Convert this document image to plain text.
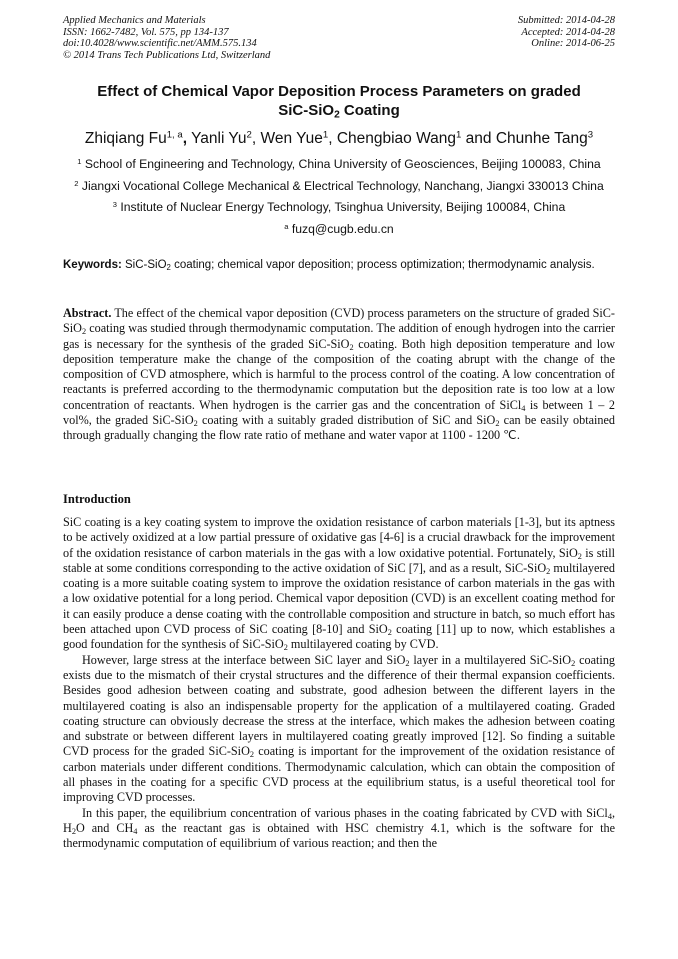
Applied Mechanics and Materials
ISSN: 1662-7482, Vol. 575, pp 134-137
doi:10.4028/www.scientific.net/AMM.575.134
© 2014 Trans Tech Publications Ltd, Switzerland
Submitted: 2014-04-28
Accepted: 2014-04-28
Online: 2014-06-25
Effect of Chemical Vapor Deposition Process Parameters on graded
SiC-SiO$_2$ Coating
Zhiqiang Fu$^{1, a}$, Yanli Yu$^2$, Wen Yue$^1$, Chengbiao Wang$^1$ and Chunhe Tang$^3$
$^1$ School of Engineering and Technology, China University of Geosciences, Beijing 100083, China
$^2$ Jiangxi Vocational College Mechanical & Electrical Technology, Nanchang, Jiangxi 330013 China
$^3$ Institute of Nuclear Energy Technology, Tsinghua University, Beijing 100084, China
$^a$ fuzq@cugb.edu.cn
Keywords: SiC-SiO$_2$ coating; chemical vapor deposition; process optimization; thermodynamic analysis.
Abstract. The effect of the chemical vapor deposition (CVD) process parameters on the structure of graded SiC-SiO$_2$ coating was studied through thermodynamic computation. The addition of enough hydrogen into the carrier gas is necessary for the synthesis of the graded SiC-SiO$_2$ coating. Both high deposition temperature and low deposition temperature make the change of the composition of the coating abrupt with the change of the composition of CVD atmosphere, which is harmful to the process control of the coating. A low concentration of reactants is preferred according to the thermodynamic computation but the deposition rate is too low at a low concentration of reactants. When hydrogen is the carrier gas and the concentration of SiCl$_4$ is between 1 – 2 vol%, the graded SiC-SiO$_2$ coating with a suitably graded distribution of SiC and SiO$_2$ can be easily obtained through gradually changing the flow rate ratio of methane and water vapor at 1100 - 1200 ℃.
Introduction

SiC coating is a key coating system to improve the oxidation resistance of carbon materials [1-3], but its aptness to be actively oxidized at a low partial pressure of oxidative gas [4-6] is a crucial drawback for the improvement of the oxidation resistance of carbon materials in the gas with a low oxidative potential. Fortunately, SiO$_2$ is still stable at some conditions corresponding to the active oxidation of SiC [7], and as a result, SiC-SiO$_2$ multilayered coating is a more suitable coating system to improve the oxidation resistance of carbon materials in the gas with a low oxidative potential for a long period. Chemical vapor deposition (CVD) is an excellent coating method for it can easily produce a dense coating with the controllable composition and structure in batch, so much effort has been attached upon CVD process of SiC coating [8-10] and SiO$_2$ coating [11] up to now, which establishes a good foundation for the synthesis of SiC-SiO$_2$ multilayered coating by CVD.

However, large stress at the interface between SiC layer and SiO$_2$ layer in a multilayered SiC-SiO$_2$ coating exists due to the mismatch of their crystal structures and the difference of their thermal expansion coefficients. Besides good adhesion between coating and substrate, good adhesion between the different layers in the multilayered coating is also an indispensable property for the application of a multilayered coating. Graded coating structure can obviously decrease the stress at the interface, which makes the adhesion between coating and substrate or between different layers in multilayered coating greatly improved [12]. So finding a suitable CVD process for the graded SiC-SiO$_2$ coating is important for the improvement of the oxidation resistance of carbon materials under different conditions. Thermodynamic calculation, which can obtain the composition of all phases in the coating for a specific CVD process at the equilibrium status, is a useful theoretical tool for improving CVD processes.

In this paper, the equilibrium concentration of various phases in the coating fabricated by CVD with SiCl$_4$, $H_2O$ and $CH_4$ as the reactant gas is obtained with HSC chemistry 4.1, which is the software for the thermodynamic computation of equilibrium of various reaction; and then the
